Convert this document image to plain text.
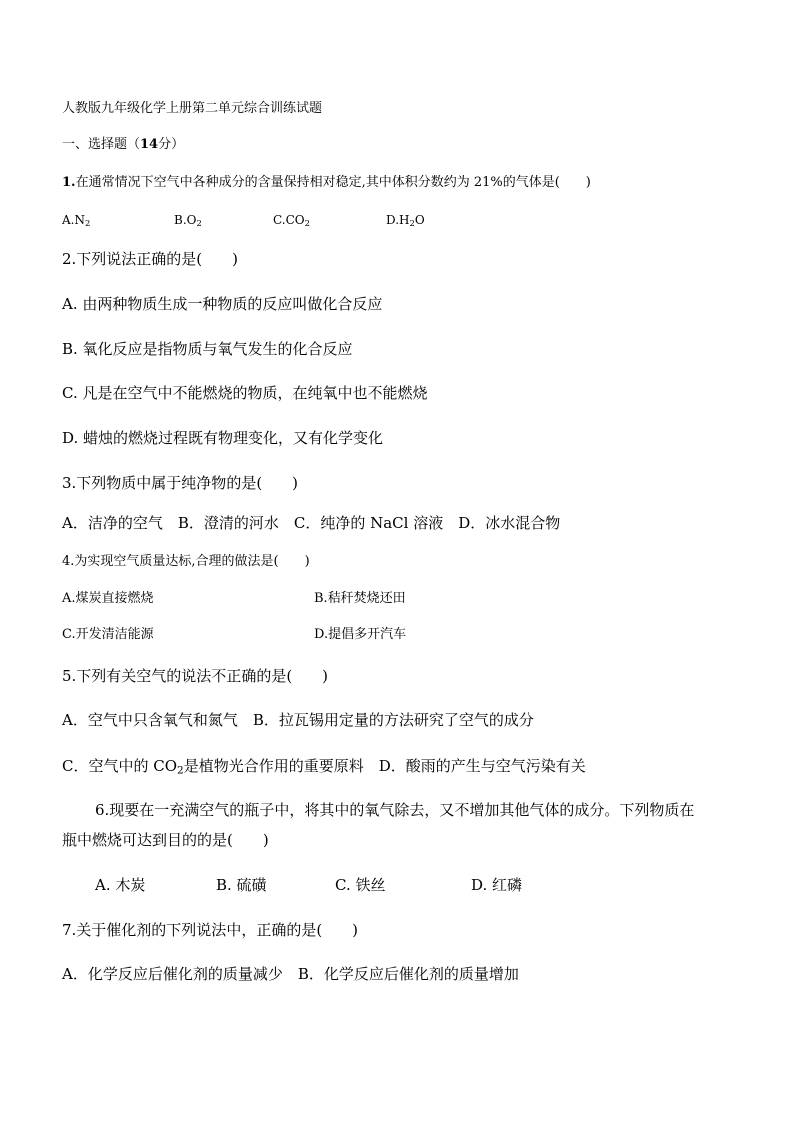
人教版九年级化学上册第二单元综合训练试题
一、选择题（14分）
1.在通常情况下空气中各种成分的含量保持相对稳定,其中体积分数约为 21%的气体是(　　)
$A.N_2$	$B.O_2$	$C.CO_2$	$D.H_2O$
2.下列说法正确的是(　　)
A. 由两种物质生成一种物质的反应叫做化合反应
B. 氧化反应是指物质与氧气发生的化合反应
C. 凡是在空气中不能燃烧的物质，在纯氧中也不能燃烧
D. 蜡烛的燃烧过程既有物理变化，又有化学变化
3.下列物质中属于纯净物的是(　　)
A．洁净的空气　B．澄清的河水　C．纯净的 NaCl 溶液　D．冰水混合物
4.为实现空气质量达标,合理的做法是(　　)
A.煤炭直接燃烧	B.秸秆焚烧还田
C.开发清洁能源	D.提倡多开汽车
5.下列有关空气的说法不正确的是(　　)
A．空气中只含氧气和氮气　B．拉瓦锡用定量的方法研究了空气的成分
C．空气中的 $CO_2$是植物光合作用的重要原料　D．酸雨的产生与空气污染有关
6.现要在一充满空气的瓶子中，将其中的氧气除去，又不增加其他气体的成分。下列物质在
瓶中燃烧可达到目的的是(　　)
A. 木炭	B. 硫磺	C. 铁丝	D. 红磷
7.关于催化剂的下列说法中，正确的是(　　)
A．化学反应后催化剂的质量减少　B．化学反应后催化剂的质量增加
